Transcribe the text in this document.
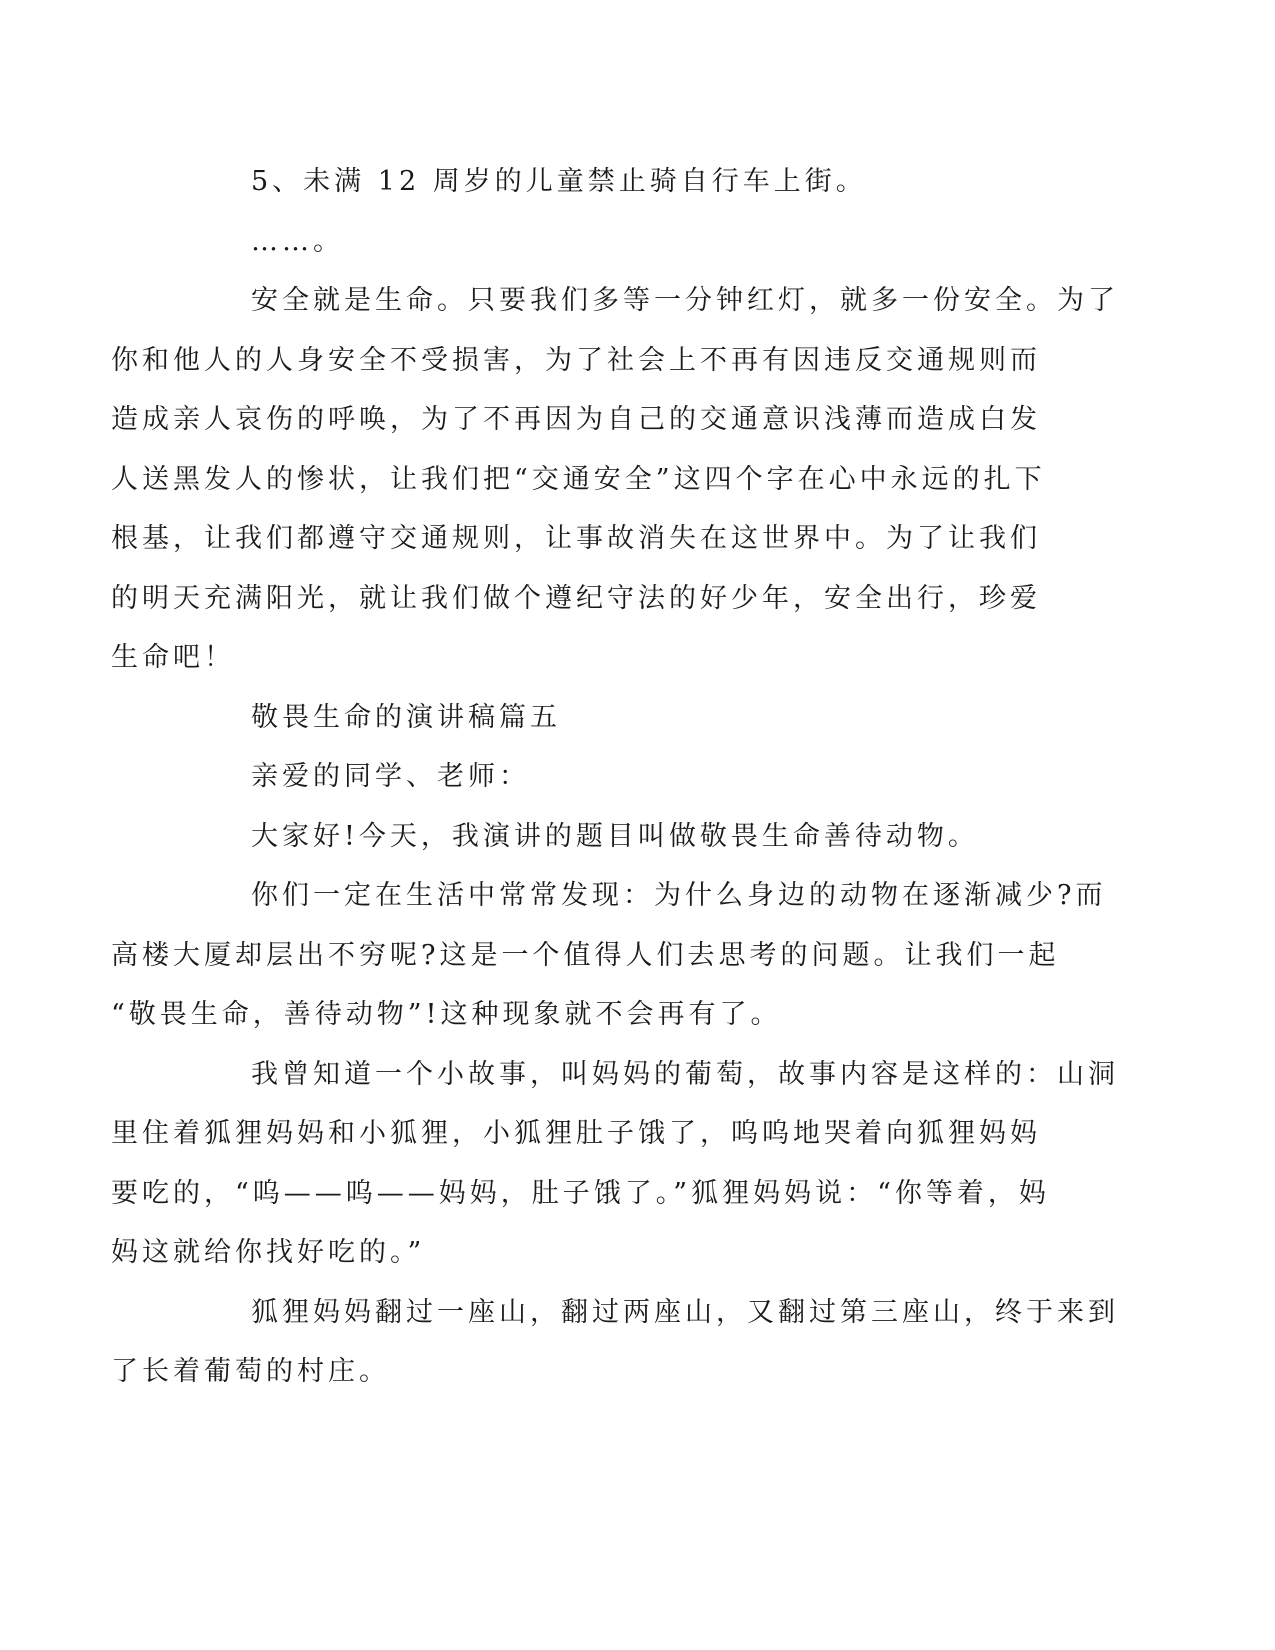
5、未满 12 周岁的儿童禁止骑自行车上街。

……。

安全就是生命。只要我们多等一分钟红灯，就多一份安全。为了
你和他人的人身安全不受损害，为了社会上不再有因违反交通规则而
造成亲人哀伤的呼唤，为了不再因为自己的交通意识浅薄而造成白发
人送黑发人的惨状，让我们把“交通安全”这四个字在心中永远的扎下
根基，让我们都遵守交通规则，让事故消失在这世界中。为了让我们
的明天充满阳光，就让我们做个遵纪守法的好少年，安全出行，珍爱
生命吧！

敬畏生命的演讲稿篇五

亲爱的同学、老师：

大家好!今天，我演讲的题目叫做敬畏生命善待动物。

你们一定在生活中常常发现：为什么身边的动物在逐渐减少?而
高楼大厦却层出不穷呢?这是一个值得人们去思考的问题。让我们一起
“敬畏生命，善待动物”!这种现象就不会再有了。

我曾知道一个小故事，叫妈妈的葡萄，故事内容是这样的：山洞
里住着狐狸妈妈和小狐狸，小狐狸肚子饿了，呜呜地哭着向狐狸妈妈
要吃的，“呜——呜——妈妈，肚子饿了。”狐狸妈妈说：“你等着，妈
妈这就给你找好吃的。”

狐狸妈妈翻过一座山，翻过两座山，又翻过第三座山，终于来到
了长着葡萄的村庄。
